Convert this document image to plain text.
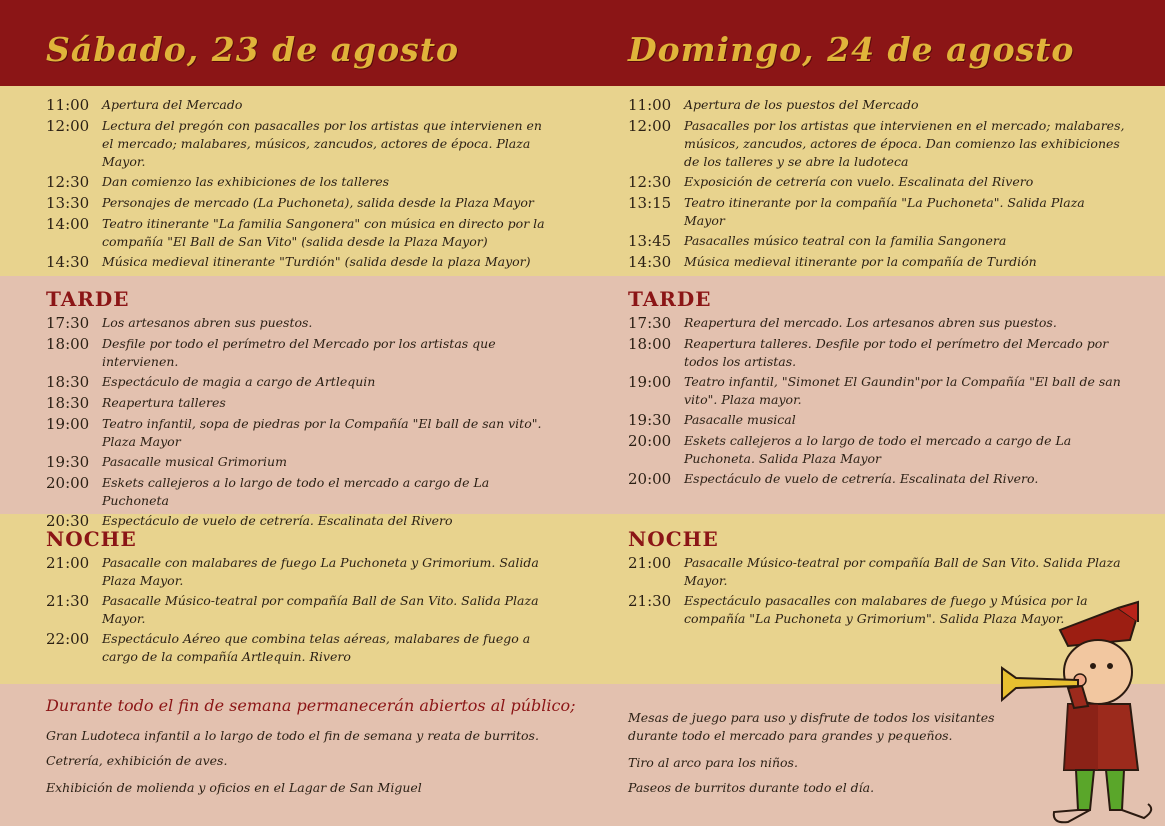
Sábado, 23 de agosto	Domingo, 24 de agosto
11:00	Apertura del Mercado
12:00	Lectura del pregón con pasacalles por los artistas que intervienen en el mercado; malabares, músicos, zancudos, actores de época. Plaza Mayor.
12:30	Dan comienzo las exhibiciones de los talleres
13:30	Personajes de mercado (La Puchoneta), salida desde la Plaza Mayor
14:00	Teatro itinerante "La familia Sangonera" con música en directo por la compañía "El Ball de San Vito" (salida desde la Plaza Mayor)
14:30	Música medieval itinerante "Turdión" (salida desde la plaza Mayor)
11:00	Apertura de los puestos del Mercado
12:00	Pasacalles por los artistas que intervienen en el mercado; malabares, músicos, zancudos, actores de época. Dan comienzo las exhibiciones de los talleres y se abre la ludoteca
12:30	Exposición de cetrería con vuelo. Escalinata del Rivero
13:15	Teatro itinerante por la compañía "La Puchoneta". Salida Plaza Mayor
13:45	Pasacalles músico teatral con la familia Sangonera
14:30	Música medieval itinerante por la compañía de Turdión
TARDE	TARDE
17:30	Los artesanos abren sus puestos.
18:00	Desfile por todo el perímetro del Mercado por los artistas que intervienen.
18:30	Espectáculo de magia a cargo de Artlequin
18:30	Reapertura talleres
19:00	Teatro infantil, sopa de piedras por la Compañía "El ball de san vito". Plaza Mayor
19:30	Pasacalle musical Grimorium
20:00	Eskets callejeros a lo largo de todo el mercado a cargo de La Puchoneta
20:30	Espectáculo de vuelo de cetrería. Escalinata del Rivero
17:30	Reapertura del mercado. Los artesanos abren sus puestos.
18:00	Reapertura talleres. Desfile por todo el perímetro del Mercado por todos los artistas.
19:00	Teatro infantil, "Simonet El Gaundin"por la Compañía "El ball de san vito". Plaza mayor.
19:30	Pasacalle musical
20:00	Eskets callejeros a lo largo de todo el mercado a cargo de La Puchoneta. Salida Plaza Mayor
20:00	Espectáculo de vuelo de cetrería. Escalinata del Rivero.
NOCHE	NOCHE
21:00	Pasacalle con malabares de fuego La Puchoneta y Grimorium. Salida Plaza Mayor.
21:30	Pasacalle Músico-teatral por compañía Ball de San Vito. Salida Plaza Mayor.
22:00	Espectáculo Aéreo que combina telas aéreas, malabares de fuego a cargo de la compañía Artlequin. Rivero
21:00	Pasacalle Músico-teatral por compañía Ball de San Vito. Salida Plaza Mayor.
21:30	Espectáculo pasacalles con malabares de fuego y Música por la compañía "La Puchoneta y Grimorium". Salida Plaza Mayor.
Durante todo el fin de semana permanecerán abiertos al público;
Gran Ludoteca infantil a lo largo de todo el fin de semana y reata de burritos.
Cetrería, exhibición de aves.
Exhibición de molienda y oficios en el Lagar de San Miguel
Mesas de juego para uso y disfrute de todos los visitantes durante todo el mercado para grandes y pequeños.
Tiro al arco para los niños.
Paseos de burritos durante todo el día.
